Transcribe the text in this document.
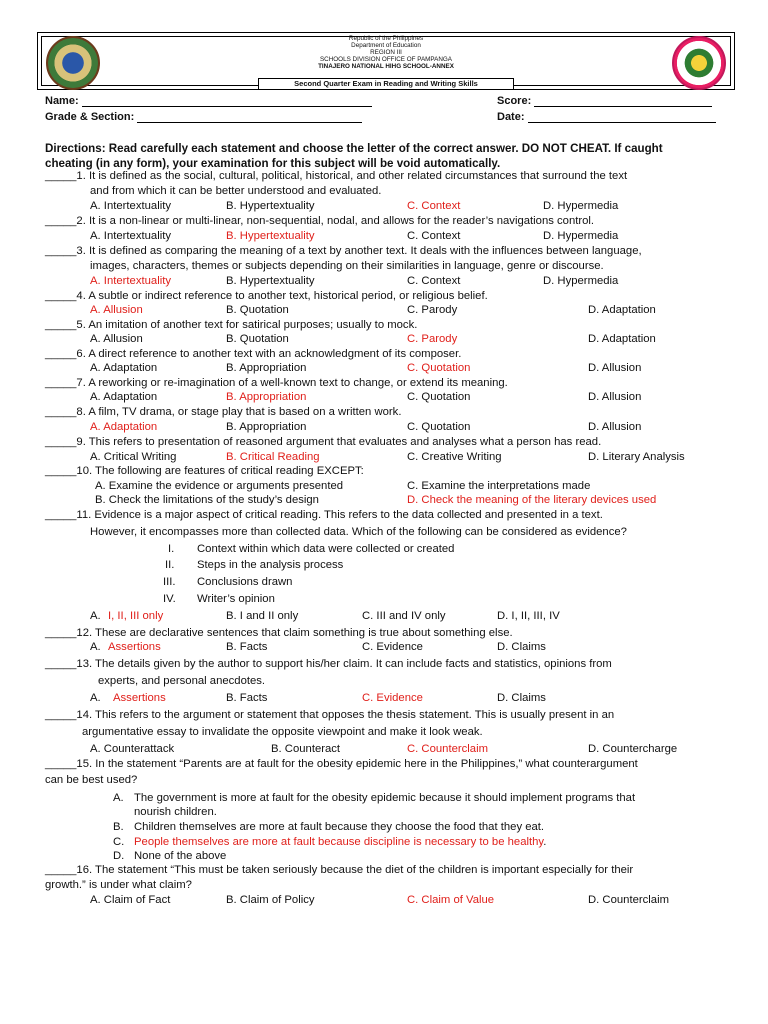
Republic of the Philippines
Department of Education
REGION III
SCHOOLS DIVISION OFFICE OF PAMPANGA
TINAJERO NATIONAL HIHG SCHOOL-ANNEX
Second Quarter Exam in Reading and Writing Skills
Name:
Grade & Section:
Score:
Date:
Directions: Read carefully each statement and choose the letter of the correct answer. DO NOT CHEAT. If caught cheating (in any form), your examination for this subject will be void automatically.
_____1. It is defined as the social, cultural, political, historical, and other related circumstances that surround the text
and from which it can be better understood and evaluated.
A. Intertextuality	B. Hypertextuality	C. Context	D. Hypermedia
_____2. It is a non-linear or multi-linear, non-sequential, nodal, and allows for the reader’s navigations control.
A. Intertextuality	B. Hypertextuality	C. Context	D. Hypermedia
_____3. It is defined as comparing the meaning of a text by another text. It deals with the influences between language,
images, characters, themes or subjects depending on their similarities in language, genre or discourse.
A. Intertextuality	B. Hypertextuality	C. Context	D. Hypermedia
_____4. A subtle or indirect reference to another text, historical period, or religious belief.
A. Allusion	B. Quotation	C. Parody	D. Adaptation
_____5. An imitation of another text for satirical purposes; usually to mock.
A. Allusion	B. Quotation	C. Parody	D. Adaptation
_____6. A direct reference to another text with an acknowledgment of its composer.
A. Adaptation	B. Appropriation	C. Quotation	D. Allusion
_____7. A reworking or re-imagination of a well-known text to change, or extend its meaning.
A. Adaptation	B. Appropriation	C. Quotation	D. Allusion
_____8. A film, TV drama, or stage play that is based on a written work.
A. Adaptation	B. Appropriation	C. Quotation	D. Allusion
_____9. This refers to presentation of reasoned argument that evaluates and analyses what a person has read.
A. Critical Writing	B. Critical Reading	C. Creative Writing	D. Literary Analysis
_____10. The following are features of critical reading EXCEPT:
A. Examine the evidence or arguments presented	C. Examine the interpretations made
B. Check the limitations of the study’s design	D. Check the meaning of the literary devices used
_____11. Evidence is a major aspect of critical reading. This refers to the data collected and presented in a text.
However, it encompasses more than collected data. Which of the following can be considered as evidence?
I. Context within which data were collected or created
II. Steps in the analysis process
III. Conclusions drawn
IV. Writer’s opinion
A. I, II, III only	B. I and II only	C. III and IV only	D. I, II, III, IV
_____12. These are declarative sentences that claim something is true about something else.
A. Assertions	B. Facts	C. Evidence	D. Claims
_____13. The details given by the author to support his/her claim. It can include facts and statistics, opinions from
experts, and personal anecdotes.
A. Assertions	B. Facts	C. Evidence	D. Claims
_____14. This refers to the argument or statement that opposes the thesis statement. This is usually present in an
argumentative essay to invalidate the opposite viewpoint and make it look weak.
A. Counterattack	B. Counteract	C. Counterclaim	D. Countercharge
_____15. In the statement “Parents are at fault for the obesity epidemic here in the Philippines,” what counterargument
can be best used?
A. The government is more at fault for the obesity epidemic because it should implement programs that
nourish children.
B. Children themselves are more at fault because they choose the food that they eat.
C. People themselves are more at fault because discipline is necessary to be healthy.
D. None of the above
_____16. The statement “This must be taken seriously because the diet of the children is important especially for their
growth.” is under what claim?
A. Claim of Fact	B. Claim of Policy	C. Claim of Value	D. Counterclaim
